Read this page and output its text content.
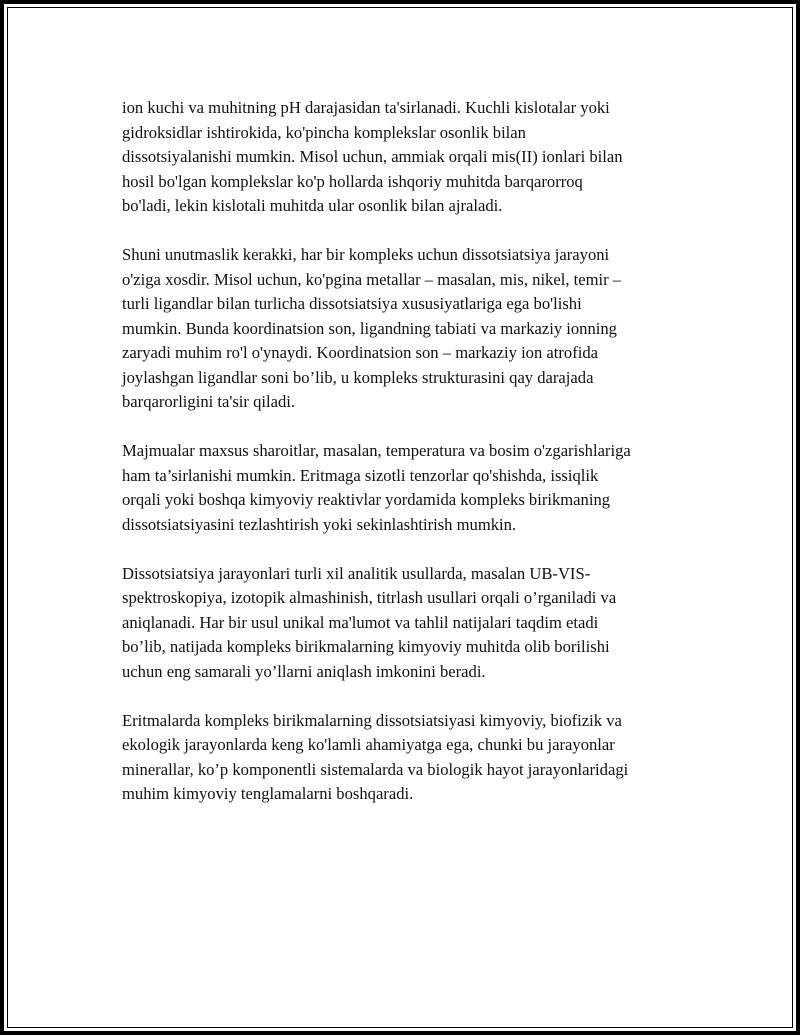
ion kuchi va muhitning pH darajasidan ta'sirlanadi. Kuchli kislotalar yoki
gidroksidlar ishtirokida, ko'pincha komplekslar osonlik bilan
dissotsiyalanishi mumkin. Misol uchun, ammiak orqali mis(II) ionlari bilan
hosil bo'lgan komplekslar ko'p hollarda ishqoriy muhitda barqarorroq
bo'ladi, lekin kislotali muhitda ular osonlik bilan ajraladi.

Shuni unutmaslik kerakki, har bir kompleks uchun dissotsiatsiya jarayoni
o'ziga xosdir. Misol uchun, ko'pgina metallar – masalan, mis, nikel, temir –
turli ligandlar bilan turlicha dissotsiatsiya xususiyatlariga ega bo'lishi
mumkin. Bunda koordinatsion son, ligandning tabiati va markaziy ionning
zaryadi muhim ro'l o'ynaydi. Koordinatsion son – markaziy ion atrofida
joylashgan ligandlar soni bo’lib, u kompleks strukturasini qay darajada
barqarorligini ta'sir qiladi.

Majmualar maxsus sharoitlar, masalan, temperatura va bosim o'zgarishlariga
ham ta’sirlanishi mumkin. Eritmaga sizotli tenzorlar qo'shishda, issiqlik
orqali yoki boshqa kimyoviy reaktivlar yordamida kompleks birikmaning
dissotsiatsiyasini tezlashtirish yoki sekinlashtirish mumkin.

Dissotsiatsiya jarayonlari turli xil analitik usullarda, masalan UB-VIS-
spektroskopiya, izotopik almashinish, titrlash usullari orqali o’rganiladi va
aniqlanadi. Har bir usul unikal ma'lumot va tahlil natijalari taqdim etadi
bo’lib, natijada kompleks birikmalarning kimyoviy muhitda olib borilishi
uchun eng samarali yo’llarni aniqlash imkonini beradi.

Eritmalarda kompleks birikmalarning dissotsiatsiyasi kimyoviy, biofizik va
ekologik jarayonlarda keng ko'lamli ahamiyatga ega, chunki bu jarayonlar
minerallar, ko’p komponentli sistemalarda va biologik hayot jarayonlaridagi
muhim kimyoviy tenglamalarni boshqaradi.
